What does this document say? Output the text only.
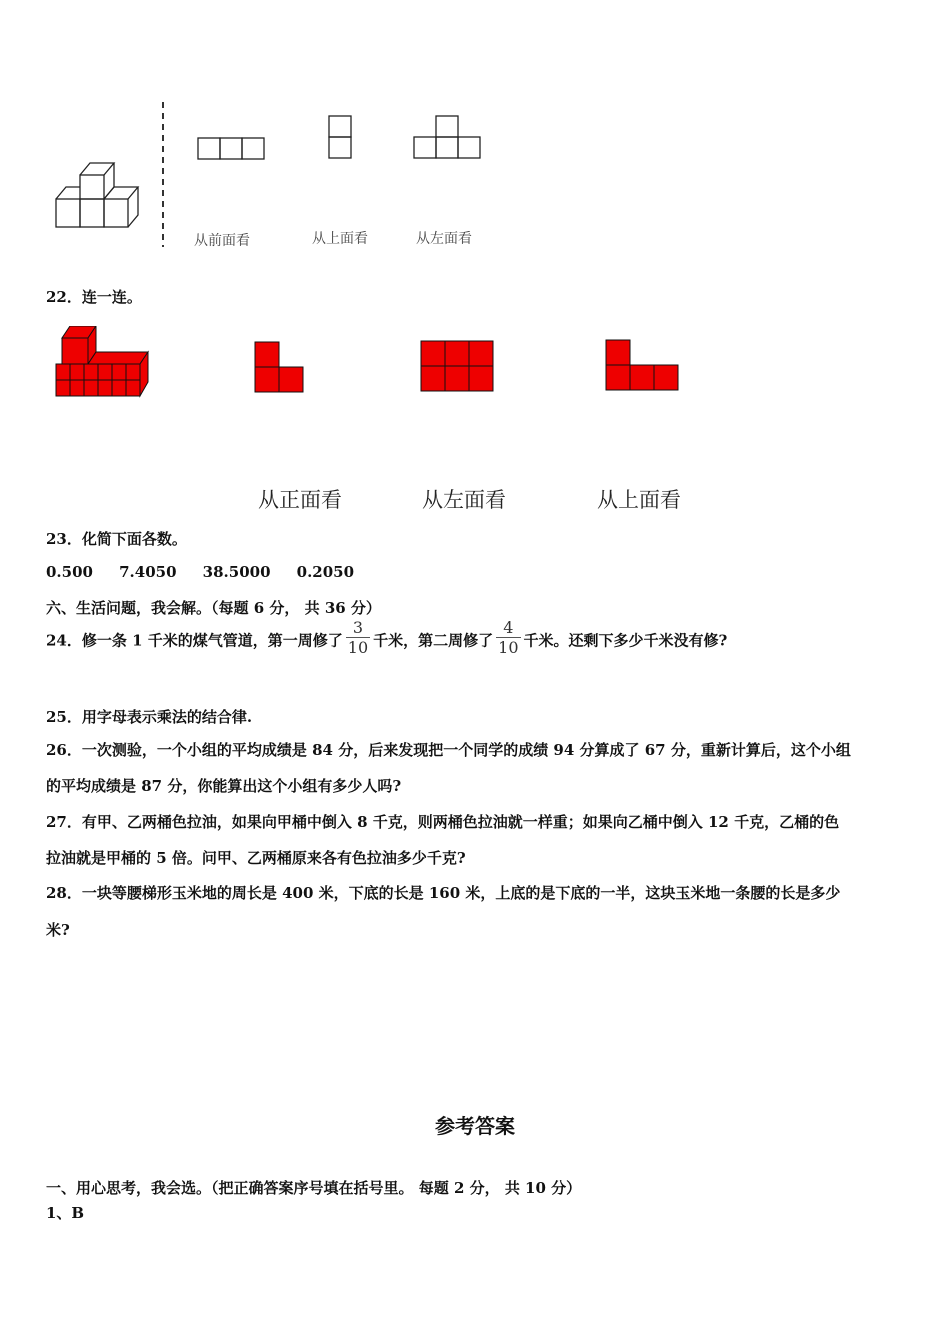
从前面看	从上面看	从左面看
22．连一连。
从正面看	从左面看	从上面看
23．化简下面各数。
0.500 7.4050 38.5000 0.2050
六、生活问题，我会解。（每题 6 分， 共 36 分）
24．修一条 1 千米的煤气管道，第一周修了 $\frac{3}{10}$ 千米，第二周修了 $\frac{4}{10}$ 千米。还剩下多少千米没有修?
25．用字母表示乘法的结合律.
26．一次测验，一个小组的平均成绩是 84 分，后来发现把一个同学的成绩 94 分算成了 67 分，重新计算后，这个小组
的平均成绩是 87 分，你能算出这个小组有多少人吗?
27．有甲、乙两桶色拉油，如果向甲桶中倒入 8 千克，则两桶色拉油就一样重；如果向乙桶中倒入 12 千克，乙桶的色
拉油就是甲桶的 5 倍。问甲、乙两桶原来各有色拉油多少千克?
28．一块等腰梯形玉米地的周长是 400 米，下底的长是 160 米，上底的是下底的一半，这块玉米地一条腰的长是多少
米?
参考答案
一、用心思考，我会选。（把正确答案序号填在括号里。 每题 2 分， 共 10 分）
1、B
